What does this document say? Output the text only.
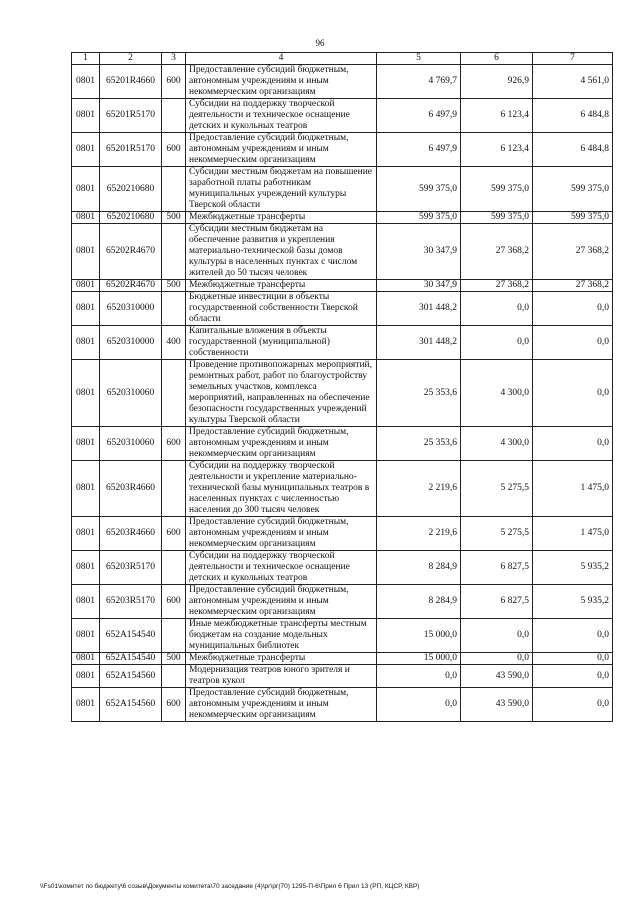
96
1	2	3	4	5	6	7
0801	65201R4660	600	Предоставление субсидий бюджетным, автономным учреждениям и иным некоммерческим организациям	4 769,7	926,9	4 561,0
0801	65201R5170		Субсидии на поддержку творческой деятельности и техническое оснащение детских и кукольных театров	6 497,9	6 123,4	6 484,8
0801	65201R5170	600	Предоставление субсидий бюджетным, автономным учреждениям и иным некоммерческим организациям	6 497,9	6 123,4	6 484,8
0801	6520210680		Субсидии местным бюджетам на повышение заработной платы работникам муниципальных учреждений культуры Тверской области	599 375,0	599 375,0	599 375,0
0801	6520210680	500	Межбюджетные трансферты	599 375,0	599 375,0	599 375,0
0801	65202R4670		Субсидии местным бюджетам на обеспечение развития и укрепления материально-технической базы домов культуры в населенных пунктах с числом жителей до 50 тысяч человек	30 347,9	27 368,2	27 368,2
0801	65202R4670	500	Межбюджетные трансферты	30 347,9	27 368,2	27 368,2
0801	6520310000		Бюджетные инвестиции в объекты государственной собственности Тверской области	301 448,2	0,0	0,0
0801	6520310000	400	Капитальные вложения в объекты государственной (муниципальной) собственности	301 448,2	0,0	0,0
0801	6520310060		Проведение противопожарных мероприятий, ремонтных работ, работ по благоустройству земельных участков, комплекса мероприятий, направленных на обеспечение безопасности государственных учреждений культуры Тверской области	25 353,6	4 300,0	0,0
0801	6520310060	600	Предоставление субсидий бюджетным, автономным учреждениям и иным некоммерческим организациям	25 353,6	4 300,0	0,0
0801	65203R4660		Субсидии на поддержку творческой деятельности и укрепление материально-технической базы муниципальных театров в населенных пунктах с численностью населения до 300 тысяч человек	2 219,6	5 275,5	1 475,0
0801	65203R4660	600	Предоставление субсидий бюджетным, автономным учреждениям и иным некоммерческим организациям	2 219,6	5 275,5	1 475,0
0801	65203R5170		Субсидии на поддержку творческой деятельности и техническое оснащение детских и кукольных театров	8 284,9	6 827,5	5 935,2
0801	65203R5170	600	Предоставление субсидий бюджетным, автономным учреждениям и иным некоммерческим организациям	8 284,9	6 827,5	5 935,2
0801	652A154540		Иные межбюджетные трансферты местным бюджетам на создание модельных муниципальных библиотек	15 000,0	0,0	0,0
0801	652A154540	500	Межбюджетные трансферты	15 000,0	0,0	0,0
0801	652A154560		Модернизация театров юного зрителя и театров кукол	0,0	43 590,0	0,0
0801	652A154560	600	Предоставление субсидий бюджетным, автономным учреждениям и иным некоммерческим организациям	0,0	43 590,0	0,0
\\Fs01\комитет по бюджету\6 созыв\Документы комитета\70 заседание (4)\рг\рг(70) 1295-П-6\Прил 6 Прил 13 (РП, КЦСР, КВР)
